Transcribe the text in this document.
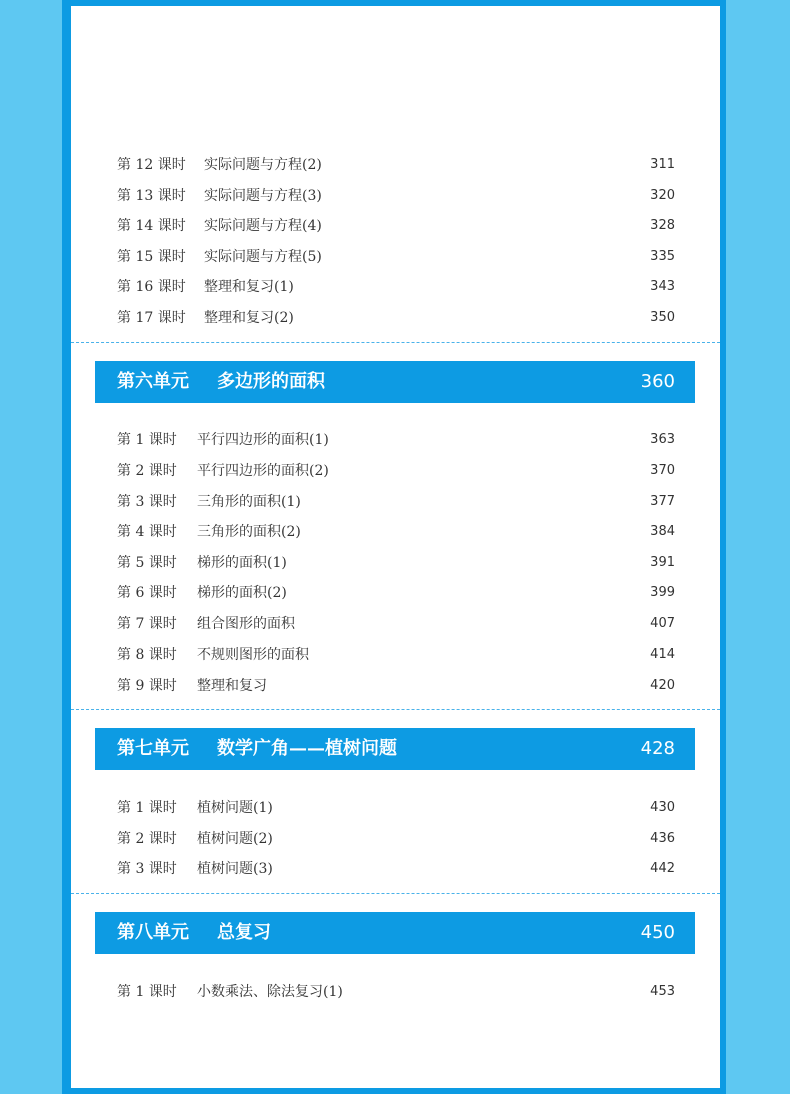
第 12 课时 实际问题与方程(2)	311
第 13 课时 实际问题与方程(3)	320
第 14 课时 实际问题与方程(4)	328
第 15 课时 实际问题与方程(5)	335
第 16 课时 整理和复习(1)	343
第 17 课时 整理和复习(2)	350
第六单元 多边形的面积	360
第 1 课时 平行四边形的面积(1)	363
第 2 课时 平行四边形的面积(2)	370
第 3 课时 三角形的面积(1)	377
第 4 课时 三角形的面积(2)	384
第 5 课时 梯形的面积(1)	391
第 6 课时 梯形的面积(2)	399
第 7 课时 组合图形的面积	407
第 8 课时 不规则图形的面积	414
第 9 课时 整理和复习	420
第七单元 数学广角——植树问题	428
第 1 课时 植树问题(1)	430
第 2 课时 植树问题(2)	436
第 3 课时 植树问题(3)	442
第八单元 总复习	450
第 1 课时 小数乘法、除法复习(1)	453
